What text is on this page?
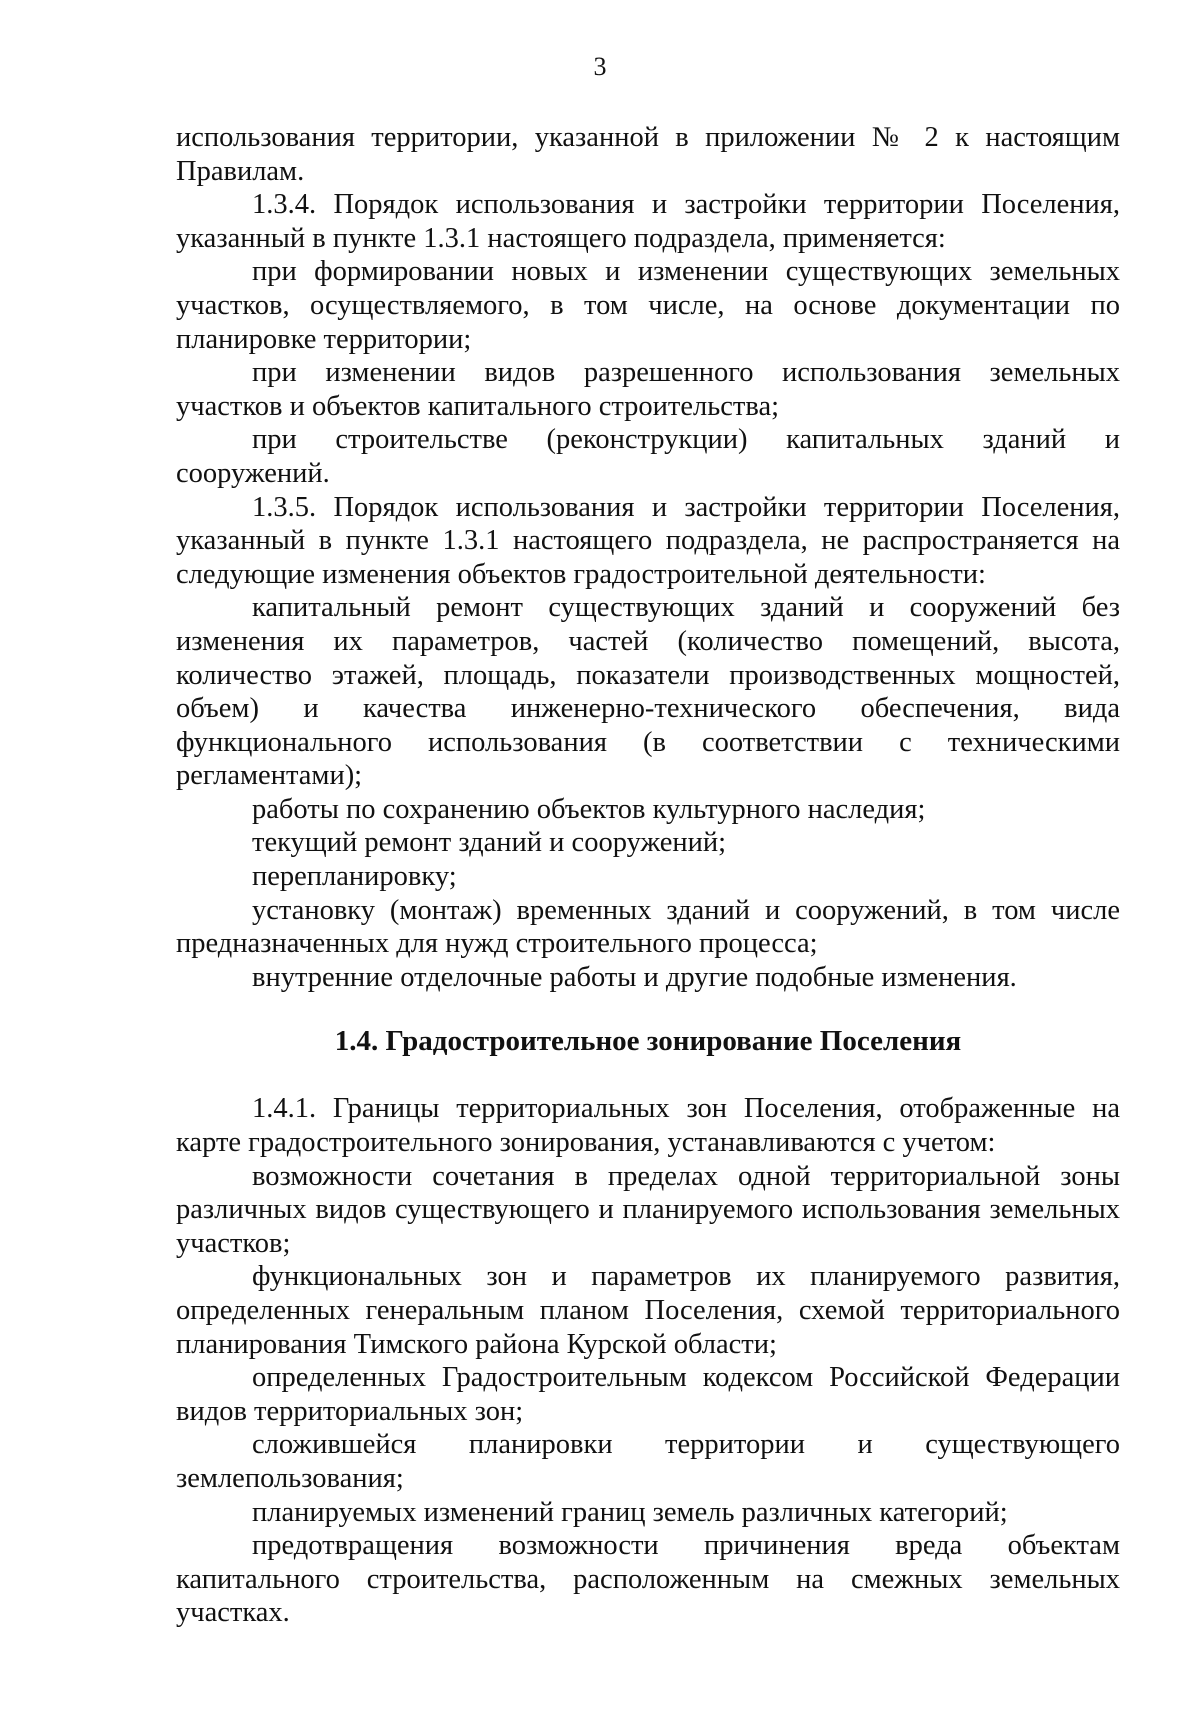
3

использования территории, указанной в приложении № 2 к настоящим Правилам.

1.3.4. Порядок использования и застройки территории Поселения, указанный в пункте 1.3.1 настоящего подраздела, применяется:

при формировании новых и изменении существующих земельных участков, осуществляемого, в том числе, на основе документации по планировке территории;

при изменении видов разрешенного использования земельных участков и объектов капитального строительства;

при строительстве (реконструкции) капитальных зданий и сооружений.

1.3.5. Порядок использования и застройки территории Поселения, указанный в пункте 1.3.1 настоящего подраздела, не распространяется на следующие изменения объектов градостроительной деятельности:

капитальный ремонт существующих зданий и сооружений без изменения их параметров, частей (количество помещений, высота, количество этажей, площадь, показатели производственных мощностей, объем) и качества инженерно-технического обеспечения, вида функционального использования (в соответствии с техническими регламентами);

работы по сохранению объектов культурного наследия;

текущий ремонт зданий и сооружений;

перепланировку;

установку (монтаж) временных зданий и сооружений, в том числе предназначенных для нужд строительного процесса;

внутренние отделочные работы и другие подобные изменения.

1.4. Градостроительное зонирование Поселения

1.4.1. Границы территориальных зон Поселения, отображенные на карте градостроительного зонирования, устанавливаются с учетом:

возможности сочетания в пределах одной территориальной зоны различных видов существующего и планируемого использования земельных участков;

функциональных зон и параметров их планируемого развития, определенных генеральным планом Поселения, схемой территориального планирования Тимского района Курской области;

определенных Градостроительным кодексом Российской Федерации видов территориальных зон;

сложившейся планировки территории и существующего землепользования;

планируемых изменений границ земель различных категорий;

предотвращения возможности причинения вреда объектам капитального строительства, расположенным на смежных земельных участках.
